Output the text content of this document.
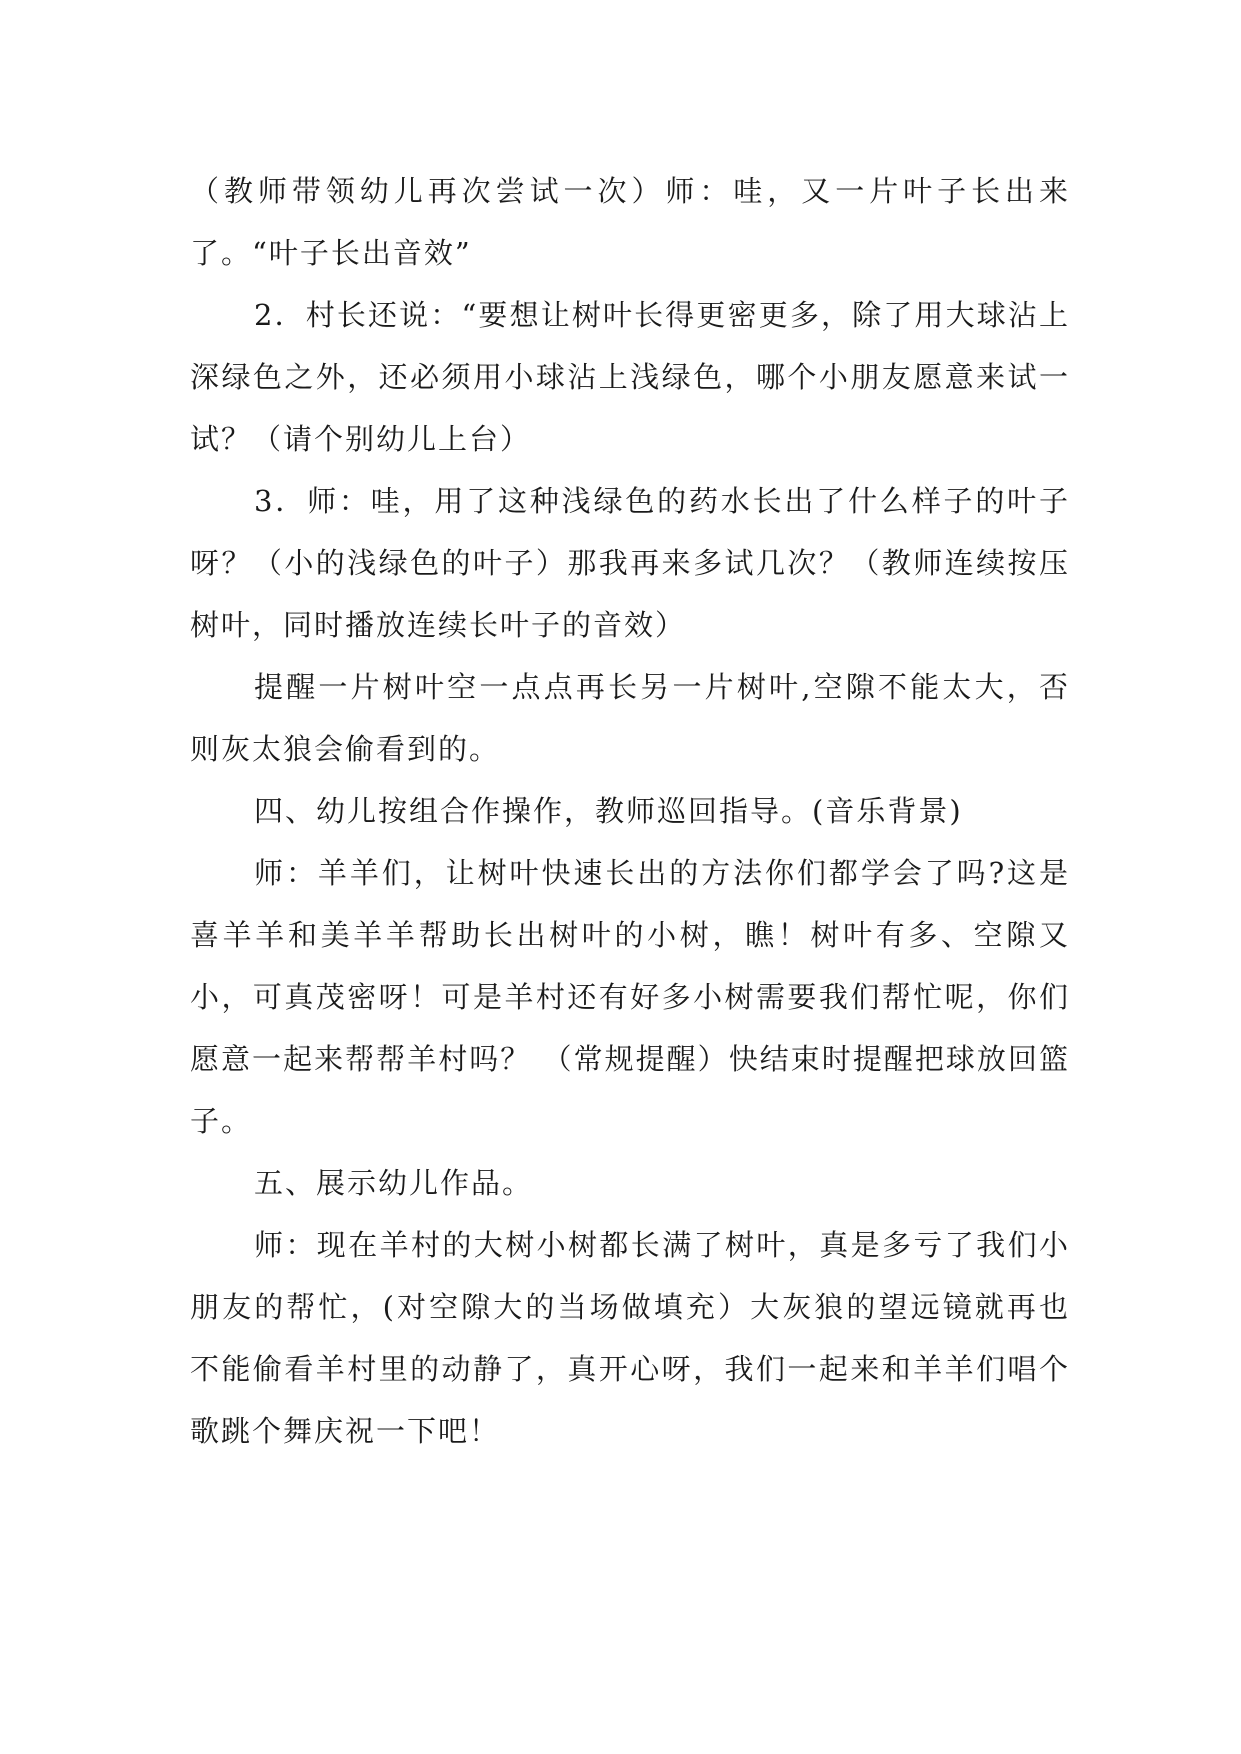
（教师带领幼儿再次尝试一次）师：哇，又一片叶子长出来了。“叶子长出音效”

2．村长还说：“要想让树叶长得更密更多，除了用大球沾上深绿色之外，还必须用小球沾上浅绿色，哪个小朋友愿意来试一试？（请个别幼儿上台）

3．师：哇，用了这种浅绿色的药水长出了什么样子的叶子呀？（小的浅绿色的叶子）那我再来多试几次？（教师连续按压树叶，同时播放连续长叶子的音效）

提醒一片树叶空一点点再长另一片树叶,空隙不能太大，否则灰太狼会偷看到的。

四、幼儿按组合作操作，教师巡回指导。(音乐背景)

师：羊羊们，让树叶快速长出的方法你们都学会了吗?这是喜羊羊和美羊羊帮助长出树叶的小树，瞧！树叶有多、空隙又小，可真茂密呀！可是羊村还有好多小树需要我们帮忙呢，你们愿意一起来帮帮羊村吗？ （常规提醒）快结束时提醒把球放回篮子。

五、展示幼儿作品。

师：现在羊村的大树小树都长满了树叶，真是多亏了我们小朋友的帮忙，(对空隙大的当场做填充）大灰狼的望远镜就再也不能偷看羊村里的动静了，真开心呀，我们一起来和羊羊们唱个歌跳个舞庆祝一下吧！
